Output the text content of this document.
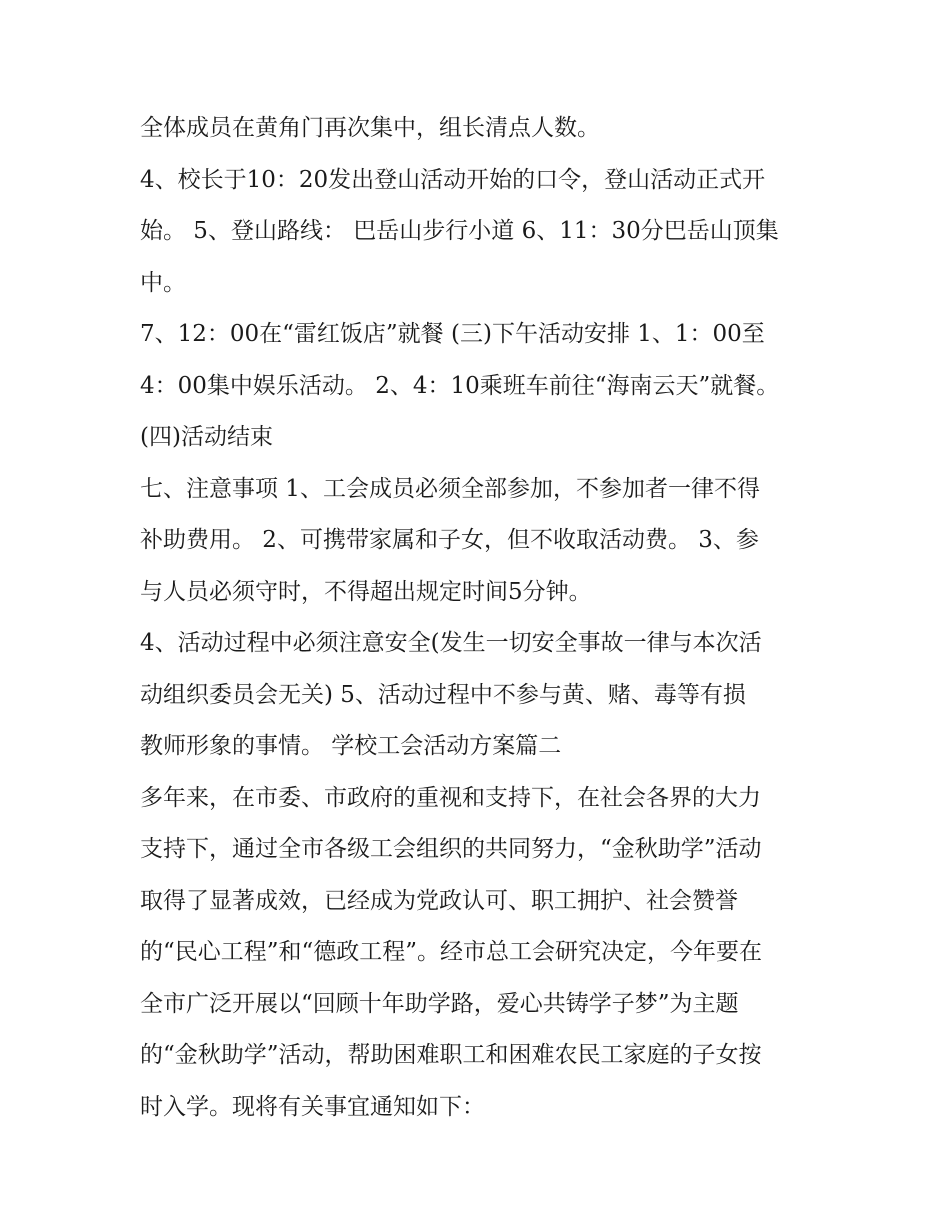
全体成员在黄角门再次集中，组长清点人数。
4、校长于10：20发出登山活动开始的口令，登山活动正式开
始。 5、登山路线： 巴岳山步行小道 6、11：30分巴岳山顶集
中。
7、12：00在“雷红饭店”就餐 (三)下午活动安排 1、1：00至
4：00集中娱乐活动。 2、4：10乘班车前往“海南云天”就餐。
(四)活动结束
七、注意事项 1、工会成员必须全部参加，不参加者一律不得
补助费用。 2、可携带家属和子女，但不收取活动费。 3、参
与人员必须守时，不得超出规定时间5分钟。
4、活动过程中必须注意安全(发生一切安全事故一律与本次活
动组织委员会无关) 5、活动过程中不参与黄、赌、毒等有损
教师形象的事情。 学校工会活动方案篇二
多年来，在市委、市政府的重视和支持下，在社会各界的大力
支持下，通过全市各级工会组织的共同努力，“金秋助学”活动
取得了显著成效，已经成为党政认可、职工拥护、社会赞誉
的“民心工程”和“德政工程”。经市总工会研究决定，今年要在
全市广泛开展以“回顾十年助学路，爱心共铸学子梦”为主题
的“金秋助学”活动，帮助困难职工和困难农民工家庭的子女按
时入学。现将有关事宜通知如下：
